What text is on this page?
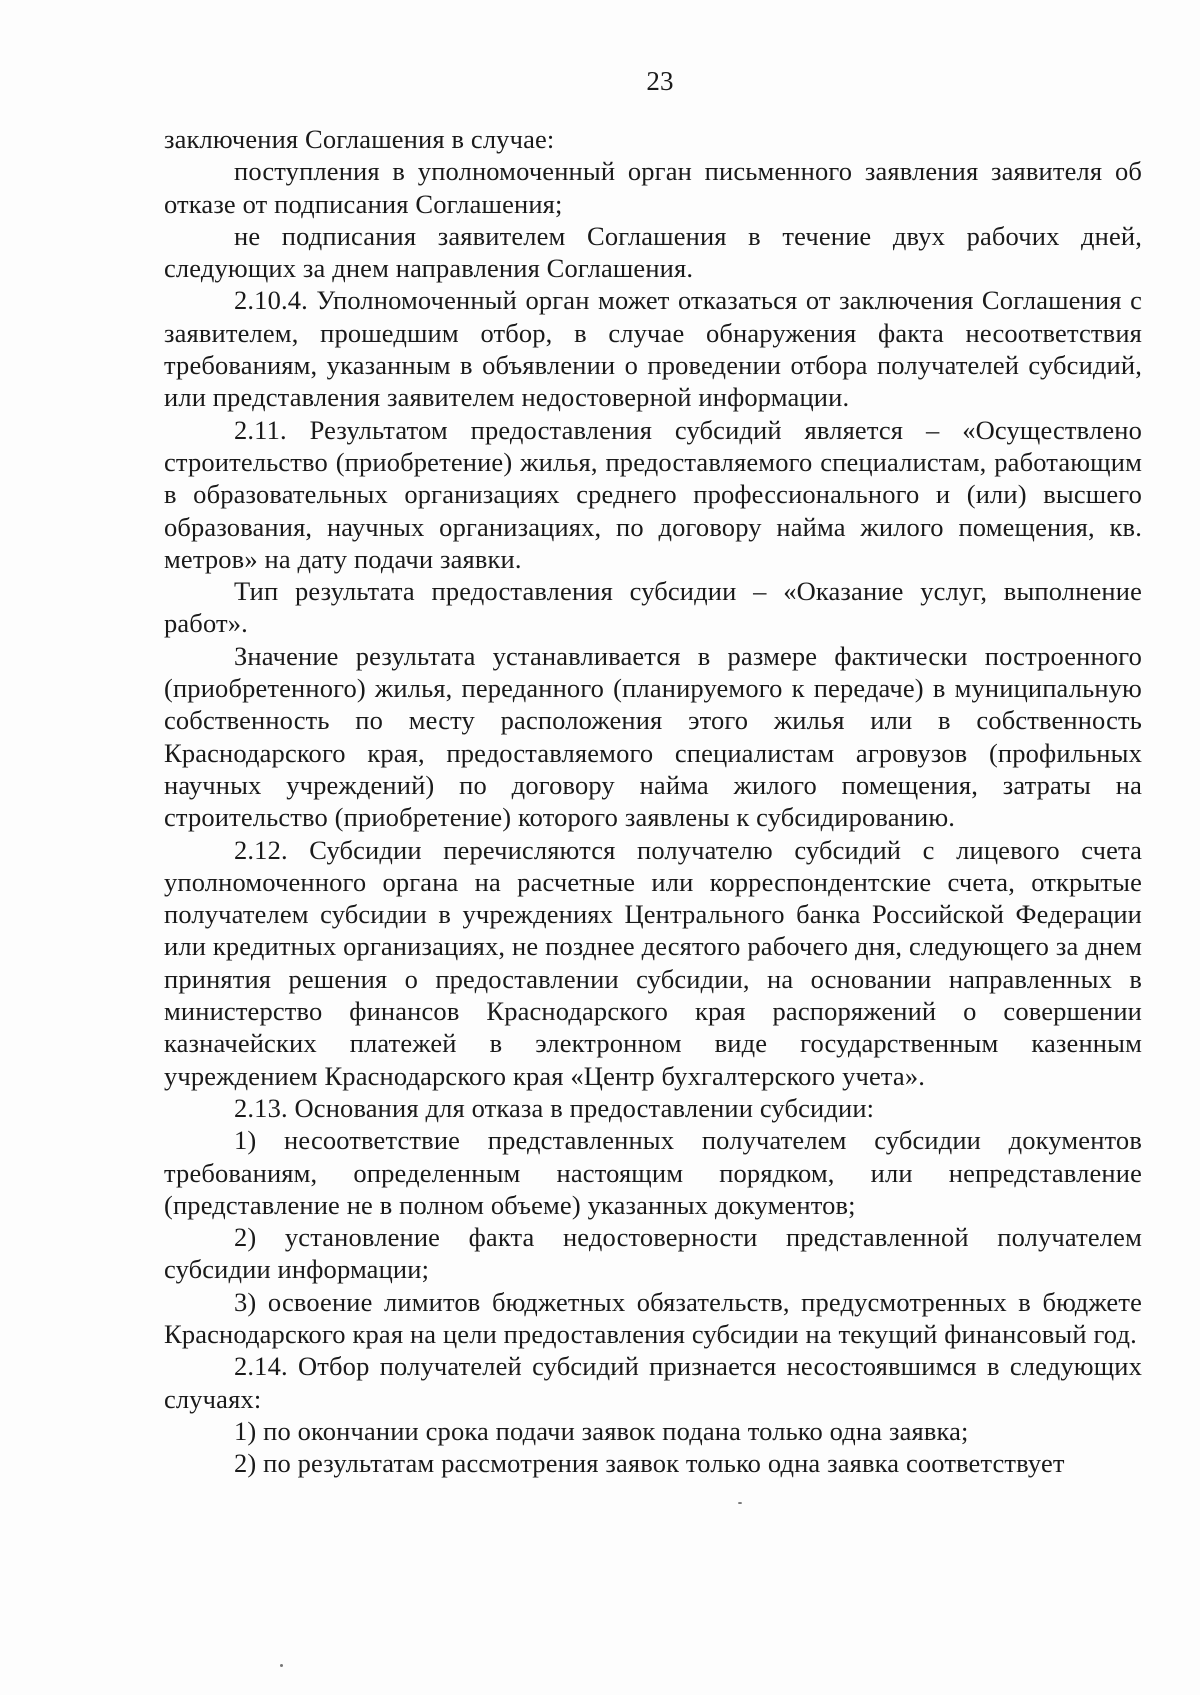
23

заключения Соглашения в случае:

поступления в уполномоченный орган письменного заявления заявителя об отказе от подписания Соглашения;

не подписания заявителем Соглашения в течение двух рабочих дней, следующих за днем направления Соглашения.

2.10.4. Уполномоченный орган может отказаться от заключения Соглашения с заявителем, прошедшим отбор, в случае обнаружения факта несоответствия требованиям, указанным в объявлении о проведении отбора получателей субсидий, или представления заявителем недостоверной информации.

2.11. Результатом предоставления субсидий является – «Осуществлено строительство (приобретение) жилья, предоставляемого специалистам, работающим в образовательных организациях среднего профессионального и (или) высшего образования, научных организациях, по договору найма жилого помещения, кв. метров» на дату подачи заявки.

Тип результата предоставления субсидии – «Оказание услуг, выполнение работ».

Значение результата устанавливается в размере фактически построенного (приобретенного) жилья, переданного (планируемого к передаче) в муниципальную собственность по месту расположения этого жилья или в собственность Краснодарского края, предоставляемого специалистам агровузов (профильных научных учреждений) по договору найма жилого помещения, затраты на строительство (приобретение) которого заявлены к субсидированию.

2.12. Субсидии перечисляются получателю субсидий с лицевого счета уполномоченного органа на расчетные или корреспондентские счета, открытые получателем субсидии в учреждениях Центрального банка Российской Федерации или кредитных организациях, не позднее десятого рабочего дня, следующего за днем принятия решения о предоставлении субсидии, на основании направленных в министерство финансов Краснодарского края распоряжений о совершении казначейских платежей в электронном виде государственным казенным учреждением Краснодарского края «Центр бухгалтерского учета».

2.13. Основания для отказа в предоставлении субсидии:

1) несоответствие представленных получателем субсидии документов требованиям, определенным настоящим порядком, или непредставление (представление не в полном объеме) указанных документов;

2) установление факта недостоверности представленной получателем субсидии информации;

3) освоение лимитов бюджетных обязательств, предусмотренных в бюджете Краснодарского края на цели предоставления субсидии на текущий финансовый год.

2.14. Отбор получателей субсидий признается несостоявшимся в следующих случаях:

1) по окончании срока подачи заявок подана только одна заявка;

2) по результатам рассмотрения заявок только одна заявка соответствует
